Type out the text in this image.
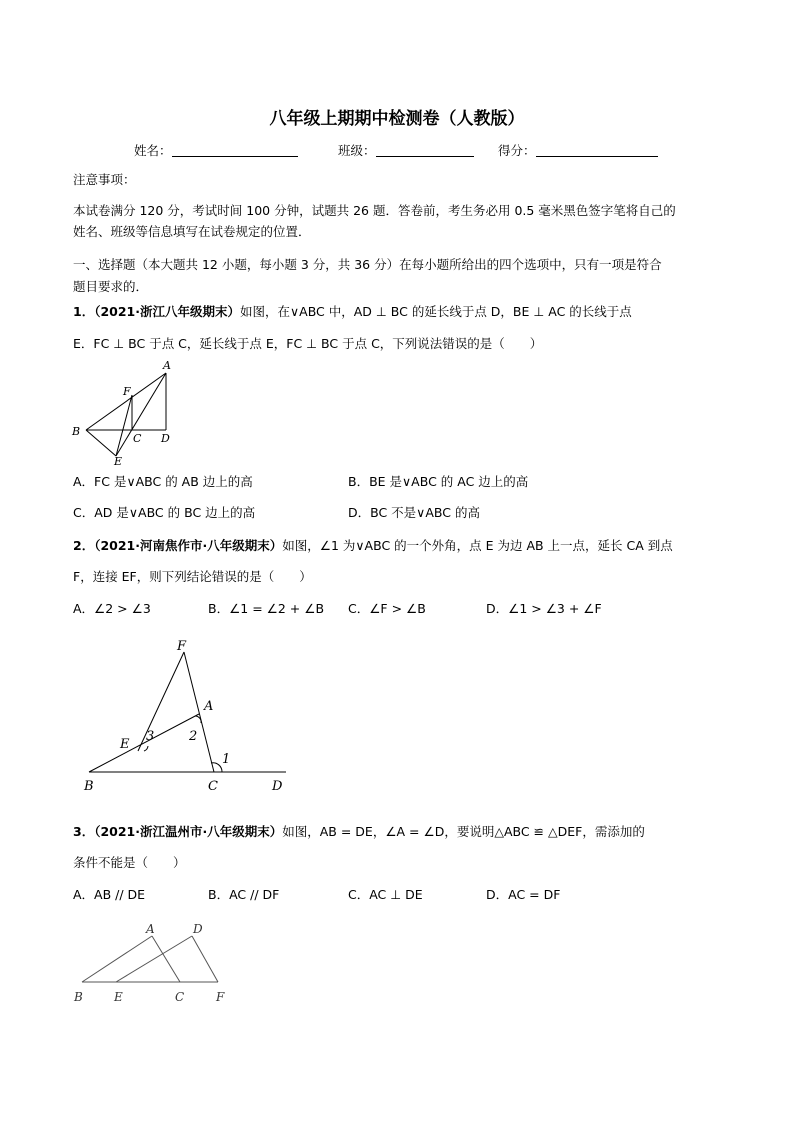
八年级上期期中检测卷（人教版）
姓名：	班级：	得分：
注意事项：
本试卷满分 120 分，考试时间 100 分钟，试题共 26 题．答卷前，考生务必用 0.5 毫米黑色签字笔将自己的
姓名、班级等信息填写在试卷规定的位置．
一、选择题（本大题共 12 小题，每小题 3 分，共 36 分）在每小题所给出的四个选项中，只有一项是符合
题目要求的．
1．（2021·浙江八年级期末）如图，在∨ABC 中，AD ⊥ BC 的延长线于点 D，BE ⊥ AC 的长线于点
E．FC ⊥ BC 于点 C，延长线于点 E，FC ⊥ BC 于点 C，下列说法错误的是（　　）
A
B
C D
E
F
A．FC 是∨ABC 的 AB 边上的高	B．BE 是∨ABC 的 AC 边上的高
C．AD 是∨ABC 的 BC 边上的高	D．BC 不是∨ABC 的高
2．（2021·河南焦作市·八年级期末）如图，∠1 为∨ABC 的一个外角，点 E 为边 AB 上一点，延长 CA 到点
F，连接 EF，则下列结论错误的是（　　）
A．∠2 > ∠3	B．∠1 = ∠2 + ∠B C．∠F > ∠B	D．∠1 > ∠3 + ∠F
F
A
E
B	C	D
1
2
3
3．（2021·浙江温州市·八年级期末）如图，AB = DE，∠A = ∠D，要说明△ABC ≌ △DEF，需添加的
条件不能是（　　）
A．AB // DE	B．AC // DF	C．AC ⊥ DE	D．AC = DF
A	D
B	E	C	F
